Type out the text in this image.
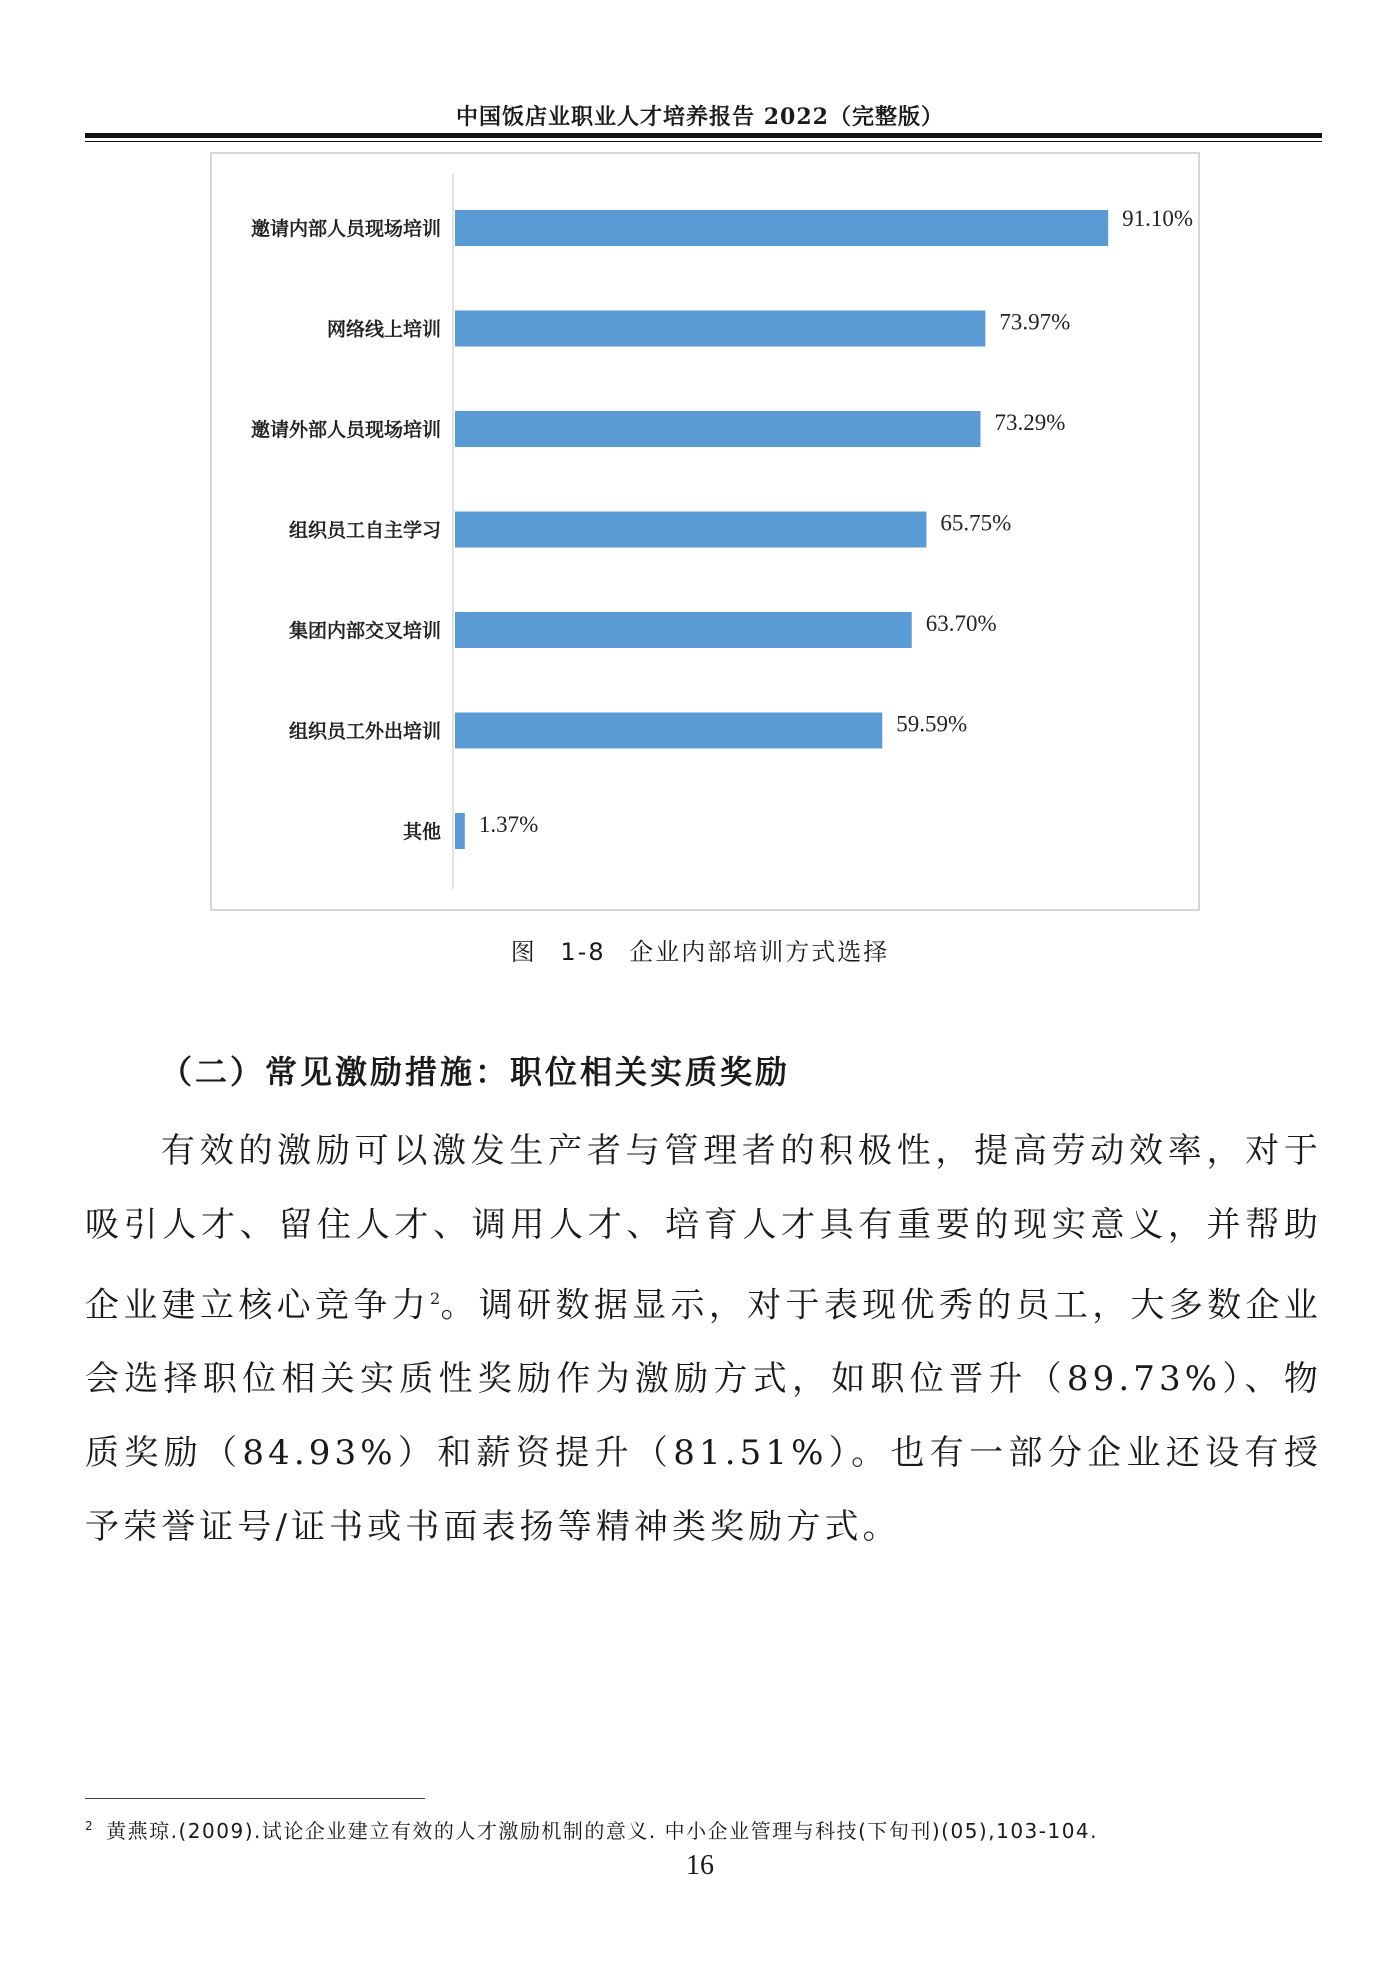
中国饭店业职业人才培养报告 2022（完整版）
邀请内部人员现场培训	91.10%
网络线上培训	73.97%
邀请外部人员现场培训	73.29%
组织员工自主学习	65.75%
集团内部交叉培训	63.70%
组织员工外出培训	59.59%
其他 1.37%
图 1-8 企业内部培训方式选择
（二）常见激励措施：职位相关实质奖励
有效的激励可以激发生产者与管理者的积极性，提高劳动效率，对于吸引人才、留住人才、调用人才、培育人才具有重要的现实意义，并帮助企业建立核心竞争力$^2$。调研数据显示，对于表现优秀的员工，大多数企业会选择职位相关实质性奖励作为激励方式，如职位晋升（89.73%）、物质奖励（84.93%）和薪资提升（81.51%）。也有一部分企业还设有授予荣誉证号/证书或书面表扬等精神类奖励方式。
$^2$ 黄燕琼.(2009).试论企业建立有效的人才激励机制的意义. 中小企业管理与科技(下旬刊)(05),103-104.
16
